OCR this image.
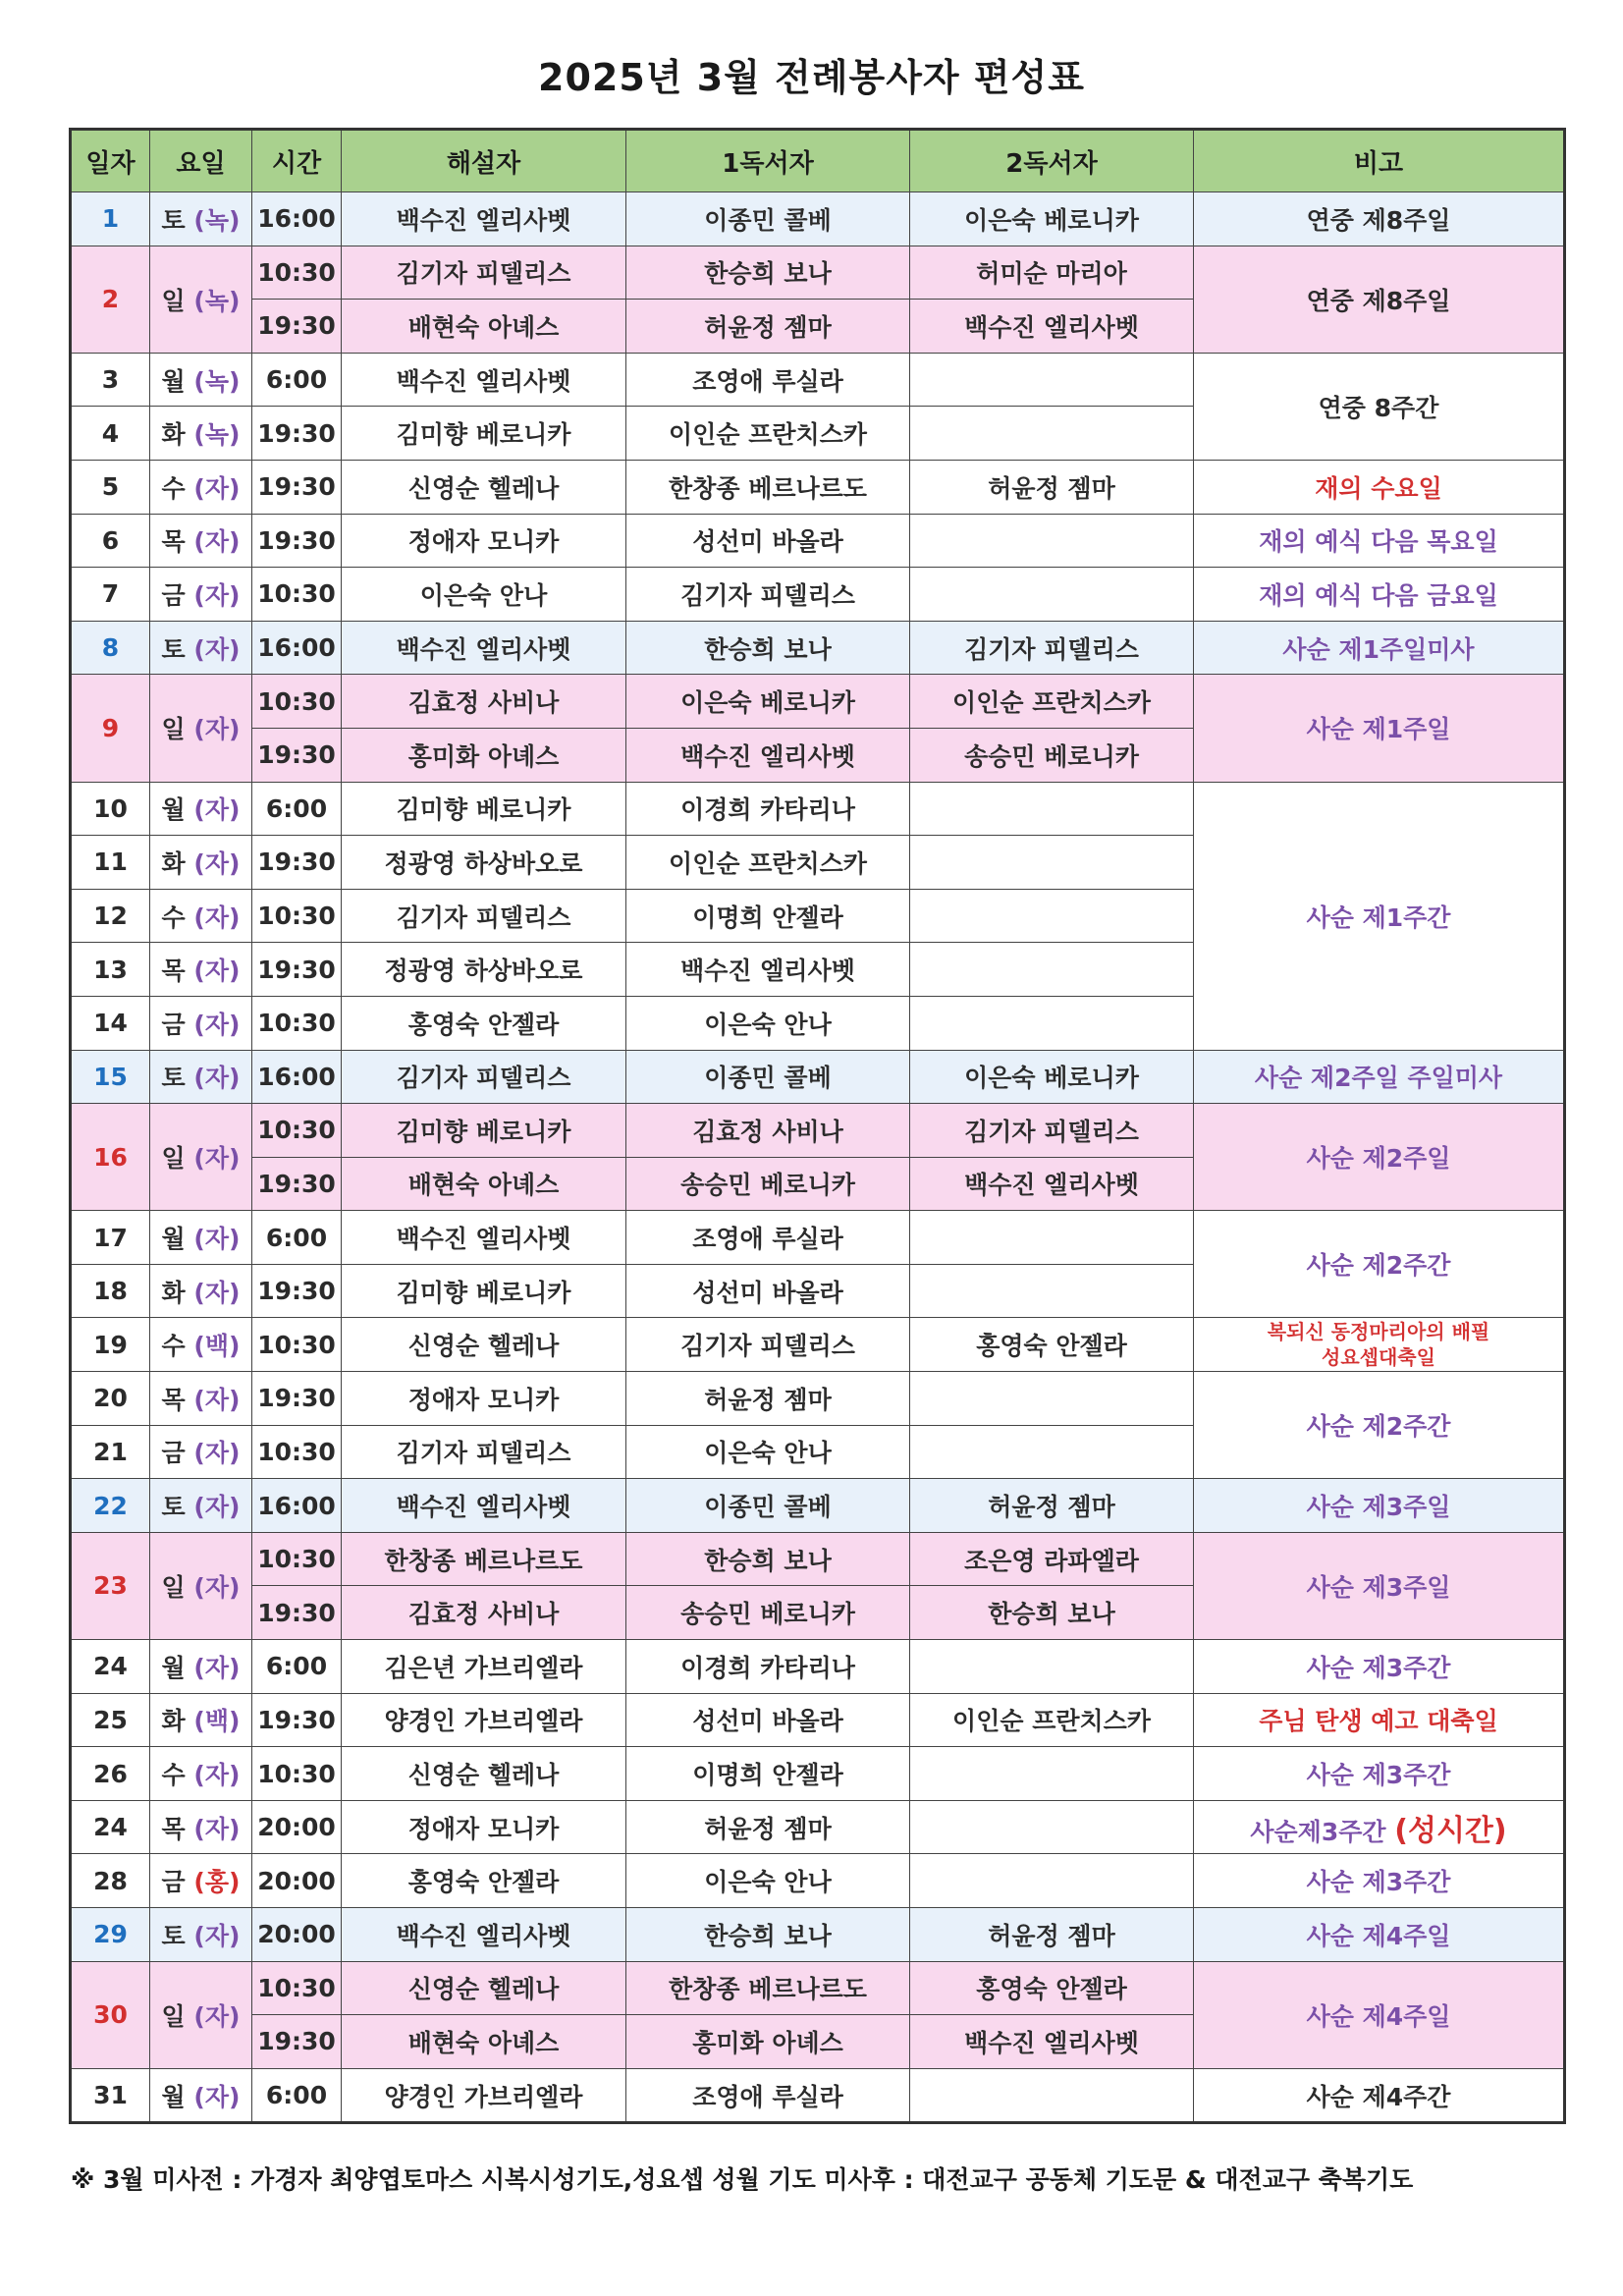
2025년 3월 전례봉사자 편성표
일자	요일	시간	해설자	1독서자	2독서자	비고
1	토 (녹)	16:00	백수진 엘리사벳	이종민 콜베	이은숙 베로니카	연중 제8주일
2	일 (녹)	10:30	김기자 피델리스	한승희 보나	허미순 마리아	연중 제8주일
		19:30	배현숙 아녜스	허윤정 젬마	백수진 엘리사벳	
3	월 (녹)	6:00	백수진 엘리사벳	조영애 루실라		연중 8주간
4	화 (녹)	19:30	김미향 베로니카	이인순 프란치스카		
5	수 (자)	19:30	신영순 헬레나	한창종 베르나르도	허윤정 젬마	재의 수요일
6	목 (자)	19:30	정애자 모니카	성선미 바올라		재의 예식 다음 목요일
7	금 (자)	10:30	이은숙 안나	김기자 피델리스		재의 예식 다음 금요일
8	토 (자)	16:00	백수진 엘리사벳	한승희 보나	김기자 피델리스	사순 제1주일미사
9	일 (자)	10:30	김효정 사비나	이은숙 베로니카	이인순 프란치스카	사순 제1주일
		19:30	홍미화 아녜스	백수진 엘리사벳	송승민 베로니카	
10	월 (자)	6:00	김미향 베로니카	이경희 카타리나		사순 제1주간
11	화 (자)	19:30	정광영 하상바오로	이인순 프란치스카		
12	수 (자)	10:30	김기자 피델리스	이명희 안젤라		
13	목 (자)	19:30	정광영 하상바오로	백수진 엘리사벳		
14	금 (자)	10:30	홍영숙 안젤라	이은숙 안나		
15	토 (자)	16:00	김기자 피델리스	이종민 콜베	이은숙 베로니카	사순 제2주일 주일미사
16	일 (자)	10:30	김미향 베로니카	김효정 사비나	김기자 피델리스	사순 제2주일
		19:30	배현숙 아녜스	송승민 베로니카	백수진 엘리사벳	
17	월 (자)	6:00	백수진 엘리사벳	조영애 루실라		사순 제2주간
18	화 (자)	19:30	김미향 베로니카	성선미 바올라		
19	수 (백)	10:30	신영순 헬레나	김기자 피델리스	홍영숙 안젤라	복되신 동정마리아의 배필
성요셉대축일

20	목 (자)	19:30	정애자 모니카	허윤정 젬마		사순 제2주간
21	금 (자)	10:30	김기자 피델리스	이은숙 안나		
22	토 (자)	16:00	백수진 엘리사벳	이종민 콜베	허윤정 젬마	사순 제3주일
23	일 (자)	10:30	한창종 베르나르도	한승희 보나	조은영 라파엘라	사순 제3주일
		19:30	김효정 사비나	송승민 베로니카	한승희 보나	
24	월 (자)	6:00	김은년 가브리엘라	이경희 카타리나		사순 제3주간
25	화 (백)	19:30	양경인 가브리엘라	성선미 바올라	이인순 프란치스카	주님 탄생 예고 대축일
26	수 (자)	10:30	신영순 헬레나	이명희 안젤라		사순 제3주간
24	목 (자)	20:00	정애자 모니카	허윤정 젬마		사순제3주간 (성시간)
28	금 (홍)	20:00	홍영숙 안젤라	이은숙 안나		사순 제3주간
29	토 (자)	20:00	백수진 엘리사벳	한승희 보나	허윤정 젬마	사순 제4주일
30	일 (자)	10:30	신영순 헬레나	한창종 베르나르도	홍영숙 안젤라	사순 제4주일
		19:30	배현숙 아녜스	홍미화 아녜스	백수진 엘리사벳	
31	월 (자)	6:00	양경인 가브리엘라	조영애 루실라		사순 제4주간
※ 3월 미사전 : 가경자 최양엽토마스 시복시성기도,성요셉 성월 기도 미사후 : 대전교구 공동체 기도문 & 대전교구 축복기도
